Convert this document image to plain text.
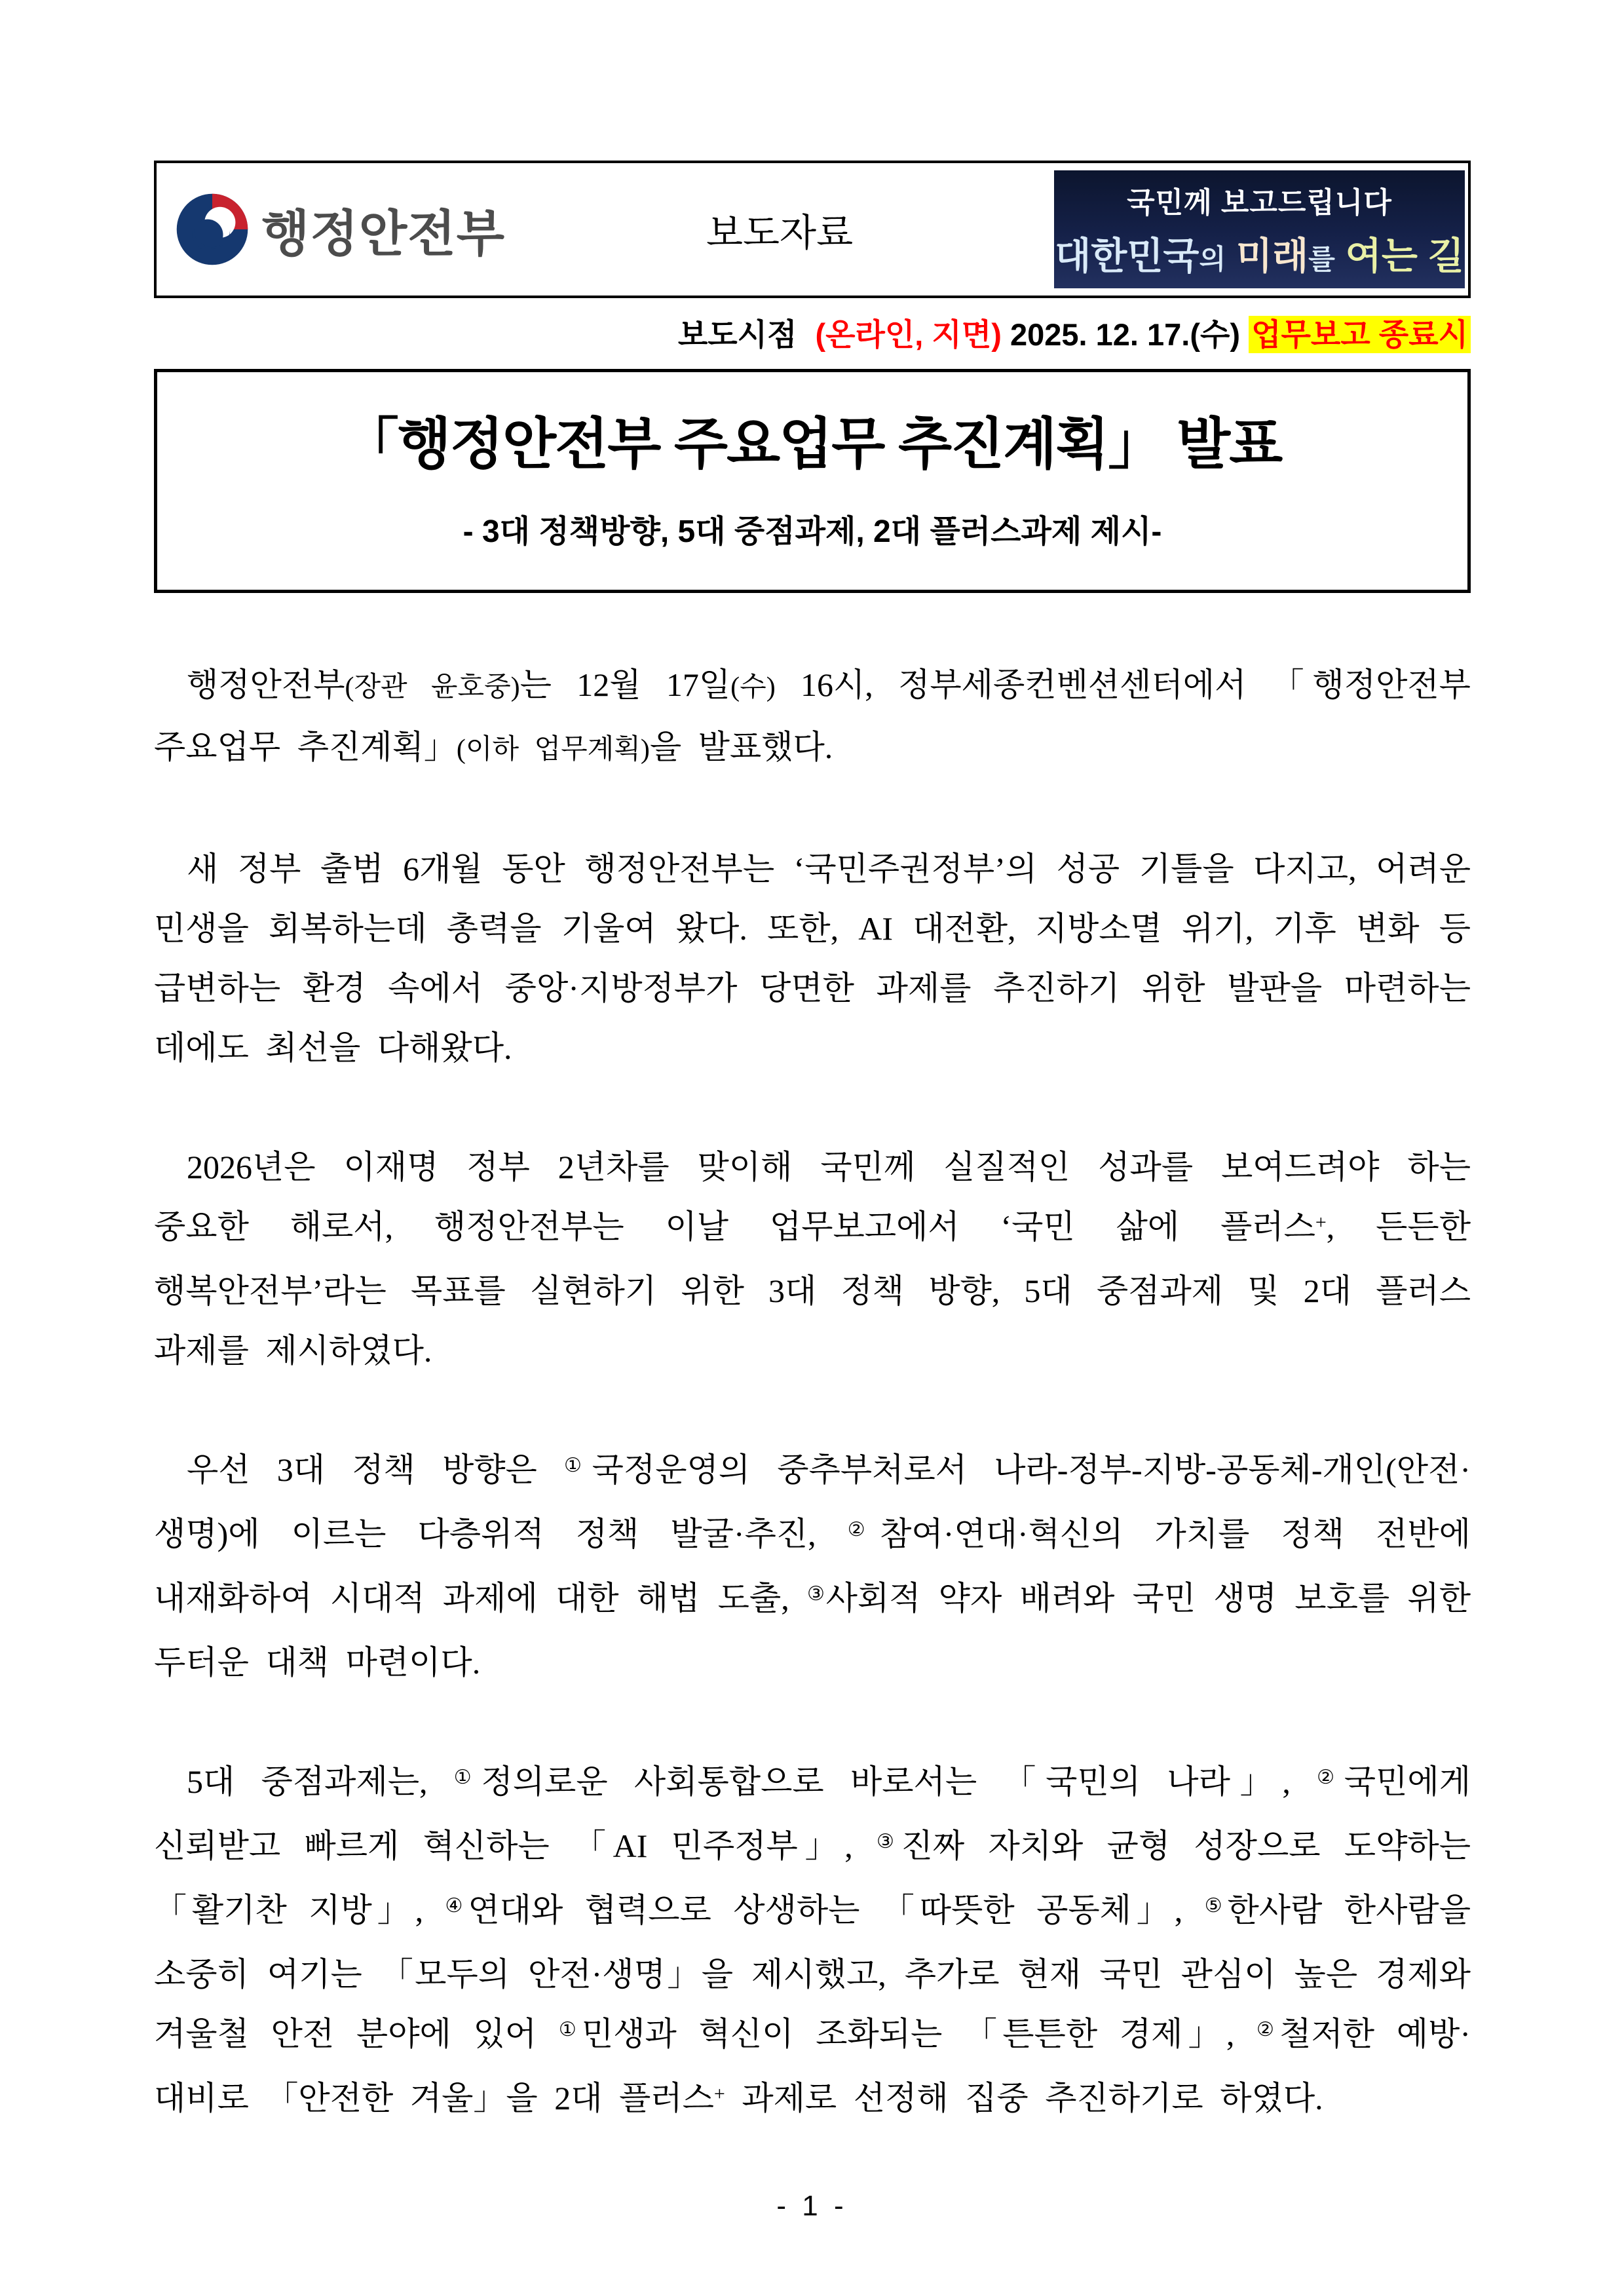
행정안전부	보도자료
국민께 보고드립니다
대한민국의 미래를 여는 길
보도시점 (온라인, 지면) 2025. 12. 17.(수) 업무보고 종료시
「행정안전부 주요업무 추진계획」 발표
- 3대 정책방향, 5대 중점과제, 2대 플러스과제 제시-

행정안전부(장관 윤호중)는 12월 17일(수) 16시, 정부세종컨벤션센터에서 「행정안전부 주요업무 추진계획」(이하 업무계획)을 발표했다.

새 정부 출범 6개월 동안 행정안전부는 ‘국민주권정부’의 성공 기틀을 다지고, 어려운 민생을 회복하는데 총력을 기울여 왔다. 또한, AI 대전환, 지방소멸 위기, 기후 변화 등 급변하는 환경 속에서 중앙·지방정부가 당면한 과제를 추진하기 위한 발판을 마련하는 데에도 최선을 다해왔다.

2026년은 이재명 정부 2년차를 맞이해 국민께 실질적인 성과를 보여드려야 하는 중요한 해로서, 행정안전부는 이날 업무보고에서 ‘국민 삶에 플러스+, 든든한 행복안전부’라는 목표를 실현하기 위한 3대 정책 방향, 5대 중점과제 및 2대 플러스 과제를 제시하였다.

우선 3대 정책 방향은 ①국정운영의 중추부처로서 나라-정부-지방-공동체-개인(안전·생명)에 이르는 다층위적 정책 발굴·추진, ②참여·연대·혁신의 가치를 정책 전반에 내재화하여 시대적 과제에 대한 해법 도출, ③사회적 약자 배려와 국민 생명 보호를 위한 두터운 대책 마련이다.

5대 중점과제는, ①정의로운 사회통합으로 바로서는 「국민의 나라」, ②국민에게 신뢰받고 빠르게 혁신하는 「AI 민주정부」, ③진짜 자치와 균형 성장으로 도약하는 「활기찬 지방」, ④연대와 협력으로 상생하는 「따뜻한 공동체」, ⑤한사람 한사람을 소중히 여기는 「모두의 안전·생명」을 제시했고, 추가로 현재 국민 관심이 높은 경제와 겨울철 안전 분야에 있어 ①민생과 혁신이 조화되는 「튼튼한 경제」, ②철저한 예방·대비로 「안전한 겨울」을 2대 플러스+ 과제로 선정해 집중 추진하기로 하였다.

- 1 -
